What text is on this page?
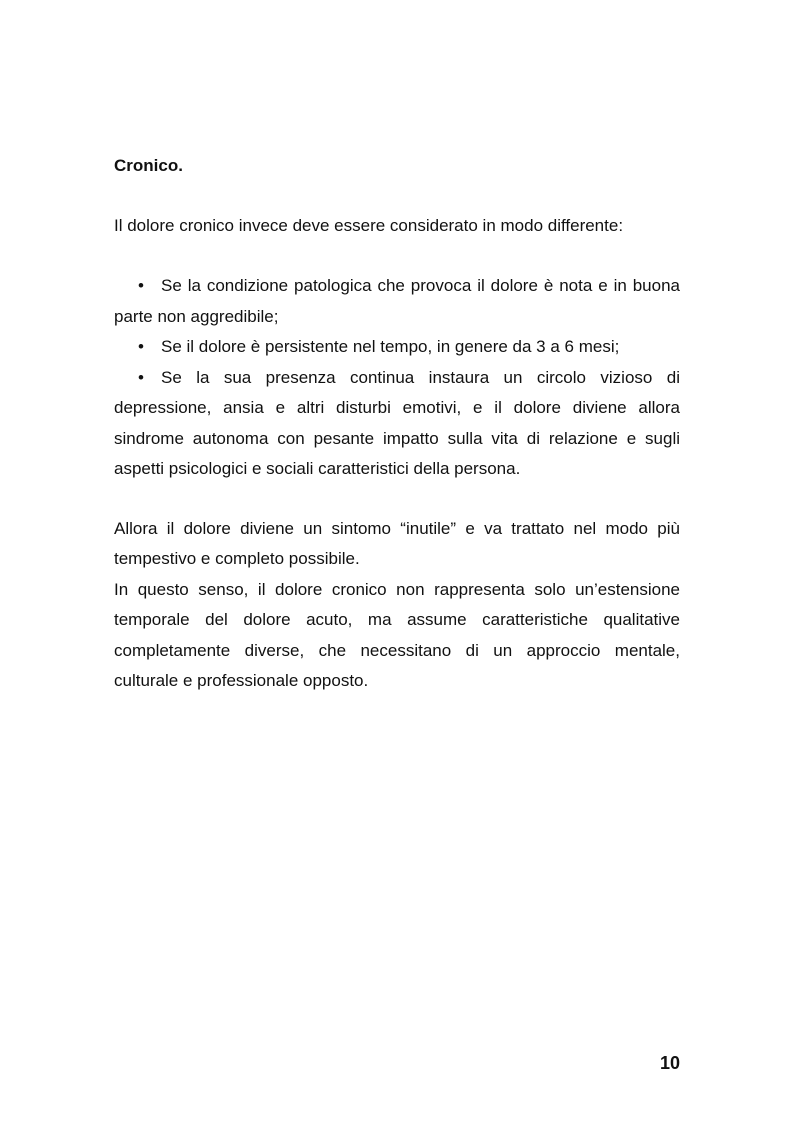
Cronico.

Il dolore cronico invece deve essere considerato in modo differente:

• Se la condizione patologica che provoca il dolore è nota e in buona parte non aggredibile;
• Se il dolore è persistente nel tempo, in genere da 3 a 6 mesi;
• Se la sua presenza continua instaura un circolo vizioso di depressione, ansia e altri disturbi emotivi, e il dolore diviene allora sindrome autonoma con pesante impatto sulla vita di relazione e sugli aspetti psicologici e sociali caratteristici della persona.

Allora il dolore diviene un sintomo “inutile” e va trattato nel modo più tempestivo e completo possibile.

In questo senso, il dolore cronico non rappresenta solo un’estensione temporale del dolore acuto, ma assume caratteristiche qualitative completamente diverse, che necessitano di un approccio mentale, culturale e professionale opposto.

10
